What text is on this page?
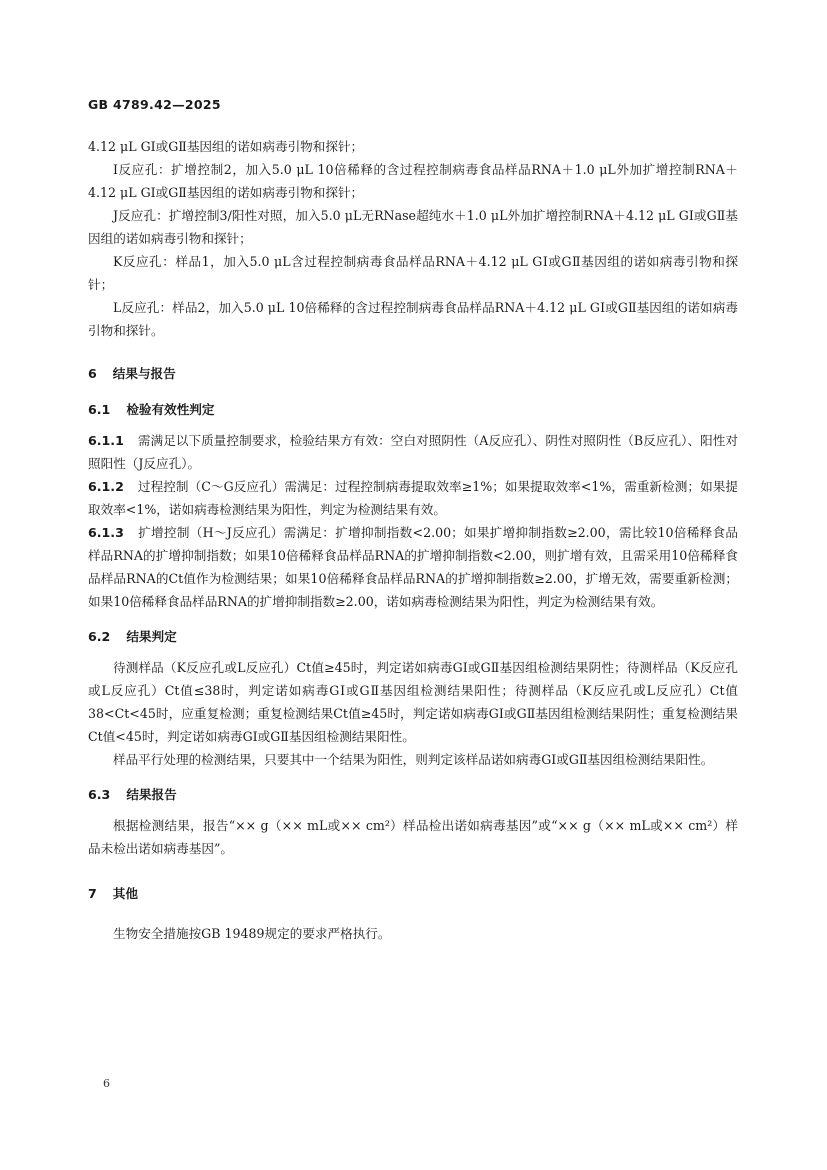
GB 4789.42—2025

4.12 μL GⅠ或GⅡ基因组的诺如病毒引物和探针；

I反应孔：扩增控制2，加入5.0 μL 10倍稀释的含过程控制病毒食品样品RNA＋1.0 μL外加扩增控制RNA＋4.12 μL GⅠ或GⅡ基因组的诺如病毒引物和探针；

J反应孔：扩增控制3/阳性对照，加入5.0 μL无RNase超纯水＋1.0 μL外加扩增控制RNA＋4.12 μL GⅠ或GⅡ基因组的诺如病毒引物和探针；

K反应孔：样品1，加入5.0 μL含过程控制病毒食品样品RNA＋4.12 μL GⅠ或GⅡ基因组的诺如病毒引物和探针；

L反应孔：样品2，加入5.0 μL 10倍稀释的含过程控制病毒食品样品RNA＋4.12 μL GⅠ或GⅡ基因组的诺如病毒引物和探针。

6 结果与报告
6.1 检验有效性判定

6.1.1 需满足以下质量控制要求，检验结果方有效：空白对照阴性（A反应孔）、阴性对照阴性（B反应孔）、阳性对照阳性（J反应孔）。

6.1.2 过程控制（C～G反应孔）需满足：过程控制病毒提取效率≥1%；如果提取效率<1%，需重新检测；如果提取效率<1%，诺如病毒检测结果为阳性，判定为检测结果有效。

6.1.3 扩增控制（H～J反应孔）需满足：扩增抑制指数<2.00；如果扩增抑制指数≥2.00，需比较10倍稀释食品样品RNA的扩增抑制指数；如果10倍稀释食品样品RNA的扩增抑制指数<2.00，则扩增有效，且需采用10倍稀释食品样品RNA的Ct值作为检测结果；如果10倍稀释食品样品RNA的扩增抑制指数≥2.00，扩增无效，需要重新检测；如果10倍稀释食品样品RNA的扩增抑制指数≥2.00，诺如病毒检测结果为阳性，判定为检测结果有效。

6.2 结果判定

待测样品（K反应孔或L反应孔）Ct值≥45时，判定诺如病毒GⅠ或GⅡ基因组检测结果阴性；待测样品（K反应孔或L反应孔）Ct值≤38时，判定诺如病毒GⅠ或GⅡ基因组检测结果阳性；待测样品（K反应孔或L反应孔）Ct值38<Ct<45时，应重复检测；重复检测结果Ct值≥45时，判定诺如病毒GⅠ或GⅡ基因组检测结果阴性；重复检测结果Ct值<45时，判定诺如病毒GⅠ或GⅡ基因组检测结果阳性。

样品平行处理的检测结果，只要其中一个结果为阳性，则判定该样品诺如病毒GⅠ或GⅡ基因组检测结果阳性。

6.3 结果报告

根据检测结果，报告“×× g（×× mL或×× cm²）样品检出诺如病毒基因”或“×× g（×× mL或×× cm²）样品未检出诺如病毒基因”。

7 其他

生物安全措施按GB 19489规定的要求严格执行。

6
